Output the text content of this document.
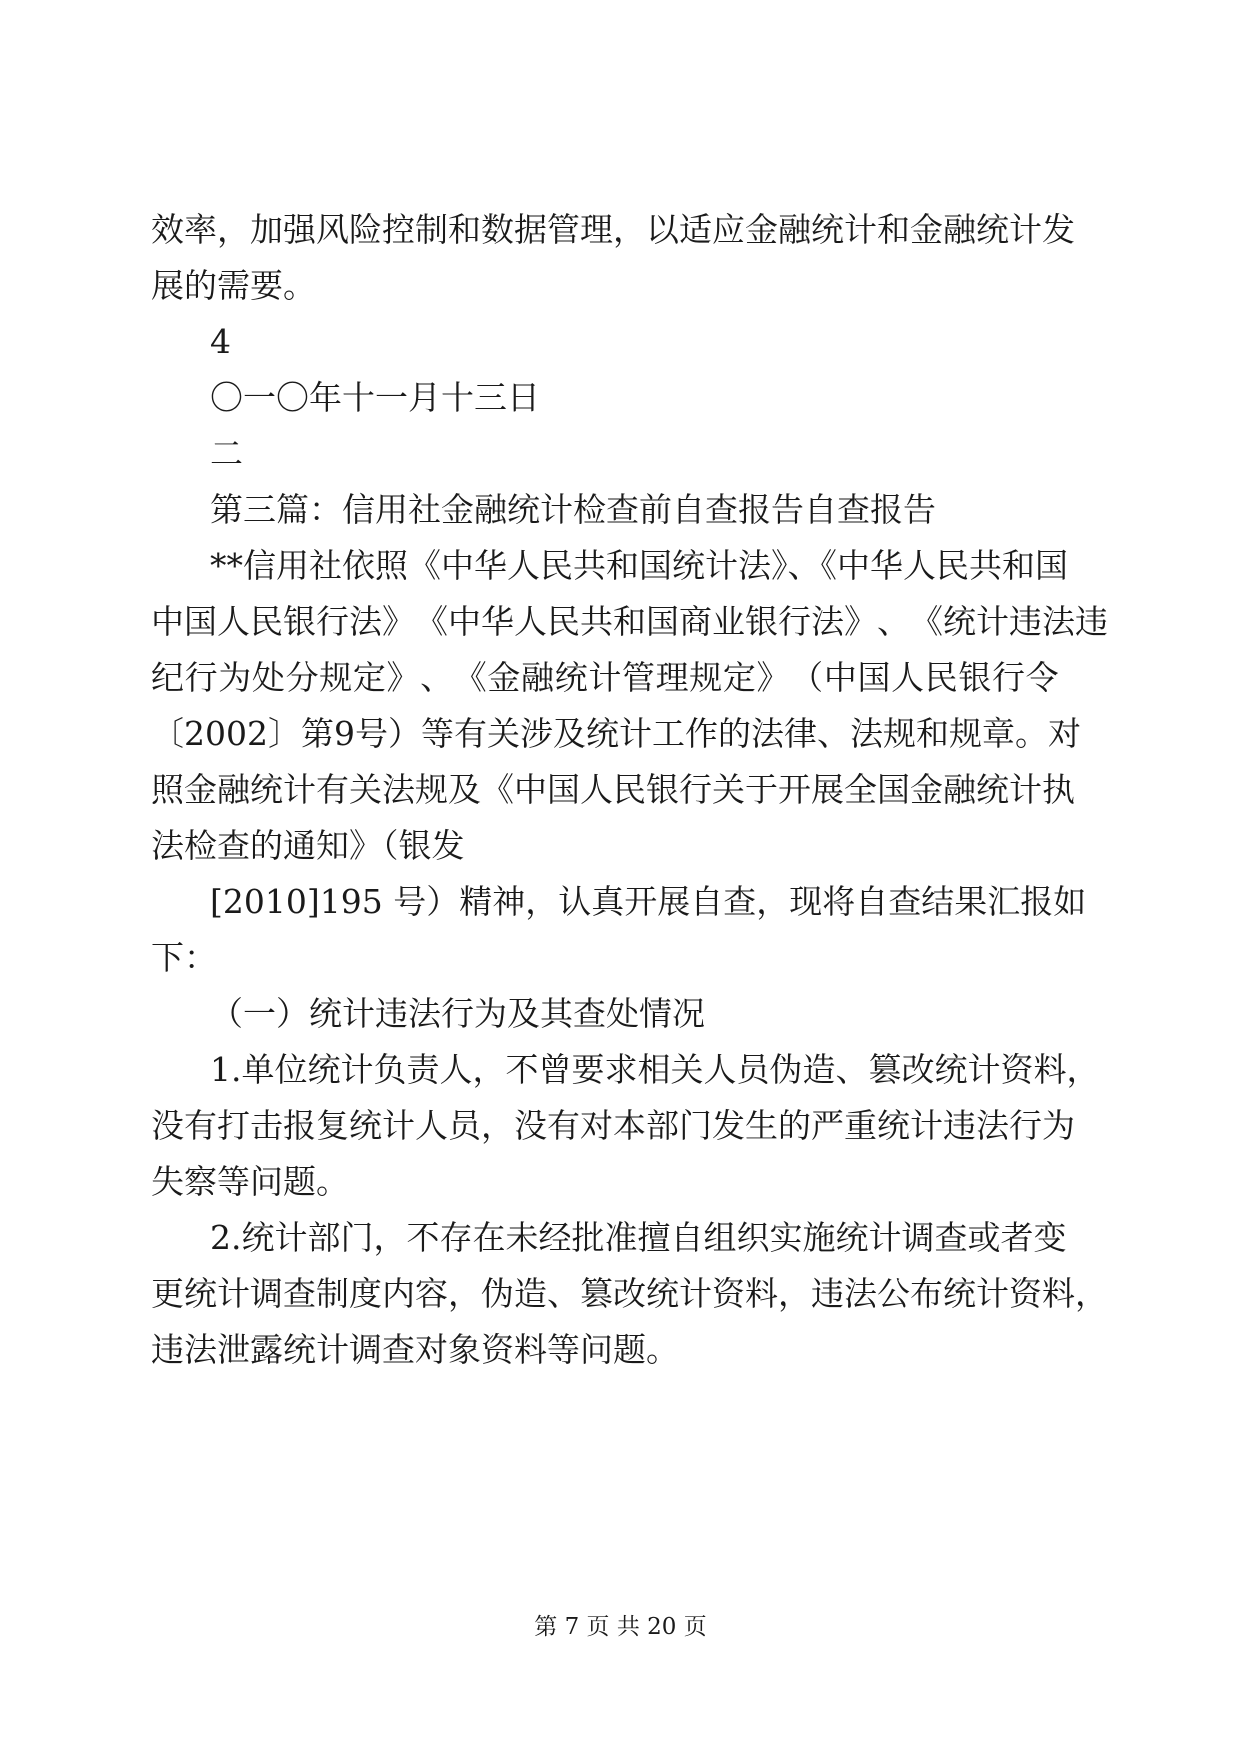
效 率 ， 加 强 风 险 控 制 和 数 据 管 理 ， 以 适 应 金 融 统 计 和 金 融 统 计 发
展的需要。
4
〇一〇年十一月十三日
二
第三篇：信用社金融统计检查前自查报告自查报告
**信用社依照《中华人民共和国统计法》、《中华人民共和国
中 国 人 民 银 行 法 》 《 中 华 人 民 共 和 国 商 业 银 行 法 》 、 《 统 计 违 法 违
纪 行 为 处 分 规 定 》 、 《 金 融 统 计 管 理 规 定 》 （ 中 国 人 民 银 行 令
〔 2 0 0 2 〕 第 9 号 ） 等 有 关 涉 及 统 计 工 作 的 法 律 、 法 规 和 规 章 。 对
照 金 融 统 计 有 关 法 规 及 《 中 国 人 民 银 行 关 于 开 展 全 国 金 融 统 计 执
法检查的通知》（银发
[2010]195 号）精神，认真开展自查，现将自查结果汇报如
下：
（一）统计违法行为及其查处情况
1.单位统计负责人，不曾要求相关人员伪造、篡改统计资料，
没 有 打 击 报 复 统 计 人 员 ， 没 有 对 本 部 门 发 生 的 严 重 统 计 违 法 行 为
失察等问题。
2.统计部门，不存在未经批准擅自组织实施统计调查或者变
更 统 计 调 查 制 度 内 容 ， 伪 造 、 篡 改 统 计 资 料 ， 违 法 公 布 统 计 资 料 ，
违法泄露统计调查对象资料等问题。
第 7 页 共 20 页
